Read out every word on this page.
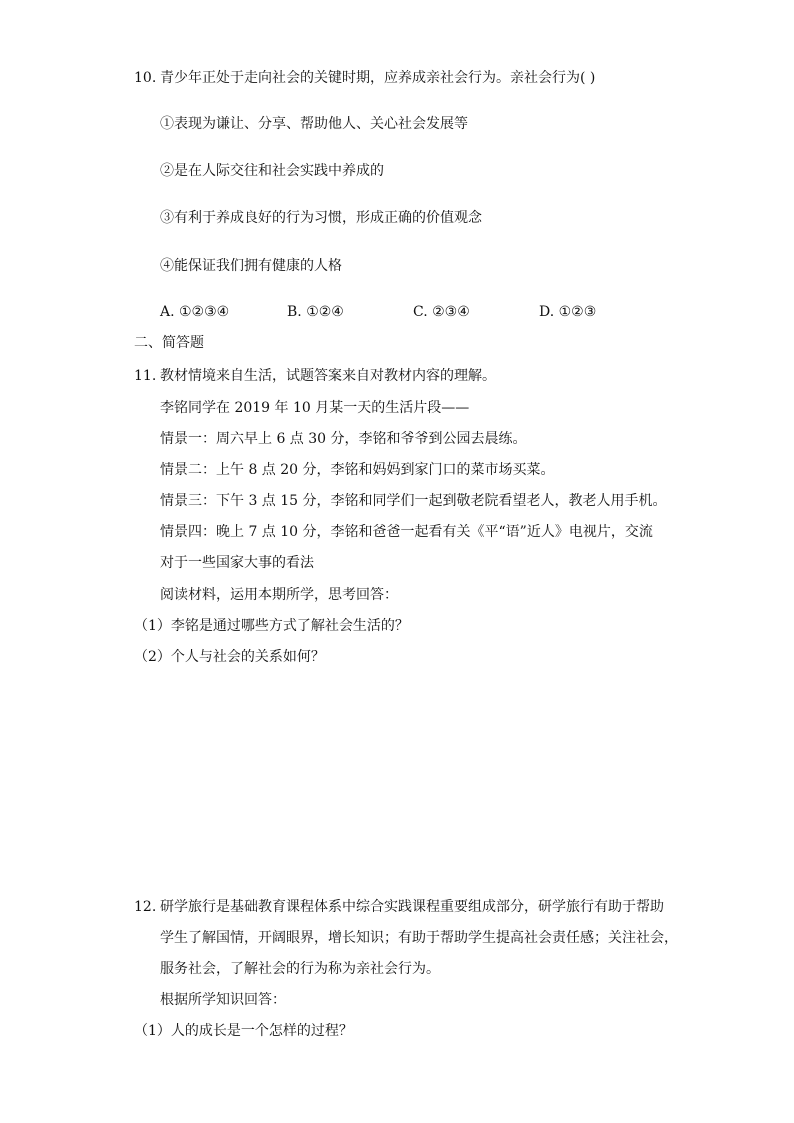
10. 青少年正处于走向社会的关键时期，应养成亲社会行为。亲社会行为( )
①表现为谦让、分享、帮助他人、关心社会发展等
②是在人际交往和社会实践中养成的
③有利于养成良好的行为习惯，形成正确的价值观念
④能保证我们拥有健康的人格
A. ①②③④	B. ①②④	C. ②③④	D. ①②③
二、简答题
11. 教材情境来自生活，试题答案来自对教材内容的理解。
李铭同学在 2019 年 10 月某一天的生活片段——
情景一：周六早上 6 点 30 分，李铭和爷爷到公园去晨练。
情景二：上午 8 点 20 分，李铭和妈妈到家门口的菜市场买菜。
情景三：下午 3 点 15 分，李铭和同学们一起到敬老院看望老人，教老人用手机。
情景四：晚上 7 点 10 分，李铭和爸爸一起看有关《平“语”近人》电视片，交流
对于一些国家大事的看法
阅读材料，运用本期所学，思考回答：
（1）李铭是通过哪些方式了解社会生活的？
（2）个人与社会的关系如何？
12. 研学旅行是基础教育课程体系中综合实践课程重要组成部分，研学旅行有助于帮助
学生了解国情，开阔眼界，增长知识；有助于帮助学生提高社会责任感；关注社会，
服务社会，了解社会的行为称为亲社会行为。
根据所学知识回答：
（1）人的成长是一个怎样的过程？
